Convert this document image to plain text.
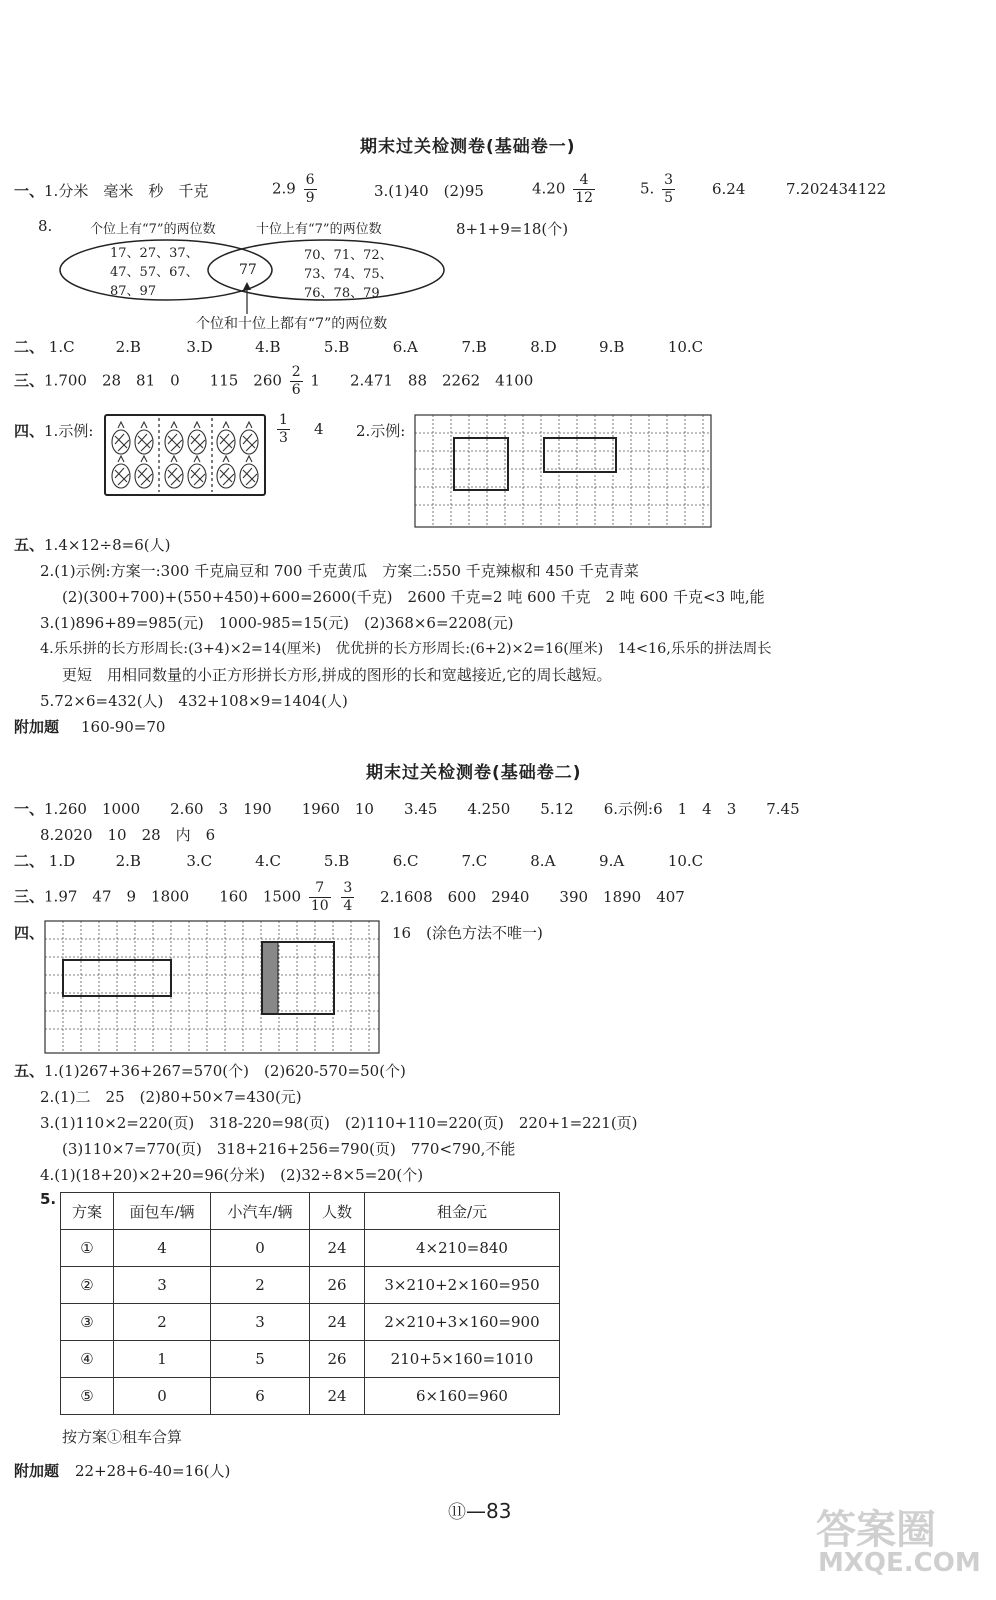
期末过关检测卷(基础卷一)
一、1.分米　毫米　秒　千克	$2.9 \frac{6}{9}$	3.(1)40　(2)95	$4.20 \frac{4}{12}$	5. $\frac{3}{5} 6.24$	7.202434122
8.	个位上有“7”的两位数	十位上有“7”的两位数	8+1+9=18(个)
17、27、37、
47、57、67、
87、97
77
70、71、72、
73、74、75、
76、78、79
个位和十位上都有“7”的两位数
二、 1.C	2.B	3.D	4.B	5.B	6.A	7.B	8.D	9.B	10.C
三、1.700　28　81　0　　115　$260 \frac{2}{6} 1$　　2.471　88　2262　4100
四、1.示例:	$\frac{1}{3} 4$ 2.示例:
五、1.4×12÷8=6(人)
2.(1)示例:方案一:300 千克扁豆和 700 千克黄瓜　方案二:550 千克辣椒和 450 千克青菜
(2)(300+700)+(550+450)+600=2600(千克)　2600 千克=2 吨 600 千克　2 吨 600 千克<3 吨,能
3.(1)896+89=985(元)　1000-985=15(元)　(2)368×6=2208(元)
4.乐乐拼的长方形周长:(3+4)×2=14(厘米)　优优拼的长方形周长:(6+2)×2=16(厘米)　14<16,乐乐的拼法周长
更短　用相同数量的小正方形拼长方形,拼成的图形的长和宽越接近,它的周长越短。
5.72×6=432(人)　432+108×9=1404(人)
附加题 160-90=70
期末过关检测卷(基础卷二)
一、1.260　1000　　2.60　3　190　　1960　10　　3.45　　4.250　　5.12　　6.示例:6　1　4　3　　7.45
8.2020　10　28　内　6
二、 1.D	2.B	3.C	4.C	5.B	6.C	7.C	8.A	9.A	10.C
三、1.97　47　9　1800　　160　$1500 \frac{7}{10}$
$\frac{3}{4} 2.1608$　600　2940　　390　1890　407
四、	16　(涂色方法不唯一)
五、1.(1)267+36+267=570(个)　(2)620-570=50(个)
2.(1)二　25　(2)80+50×7=430(元)
3.(1)110×2=220(页)　318-220=98(页)　(2)110+110=220(页)　220+1=221(页)
(3)110×7=770(页)　318+216+256=790(页)　770<790,不能
4.(1)(18+20)×2+20=96(分米)　(2)32÷8×5=20(个)
5.
方案	面包车/辆	小汽车/辆	人数	租金/元
①	4	0	24	4×210=840
②	3	2	26	3×210+2×160=950
③	2	3	24	2×210+3×160=900
④	1	5	26	210+5×160=1010
⑤	0	6	24	6×160=960
按方案①租车合算
附加题 22+28+6-40=16(人)
⑪—83	答案圈
MXQE.COM
